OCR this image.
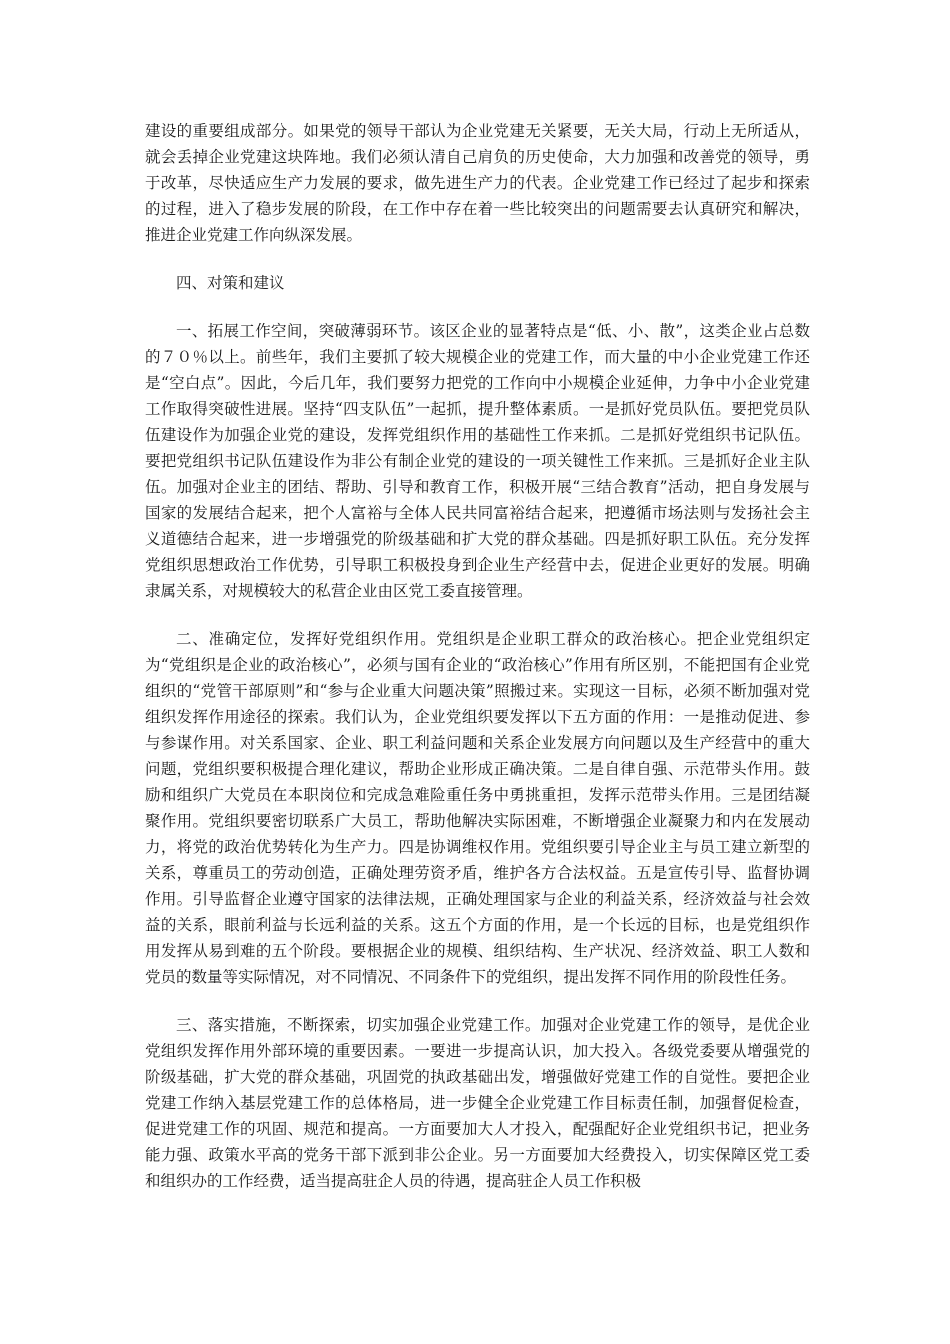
建设的重要组成部分。如果党的领导干部认为企业党建无关紧要，无关大局，行动上无所适从，就会丢掉企业党建这块阵地。我们必须认清自己肩负的历史使命，大力加强和改善党的领导，勇于改革，尽快适应生产力发展的要求，做先进生产力的代表。企业党建工作已经过了起步和探索的过程，进入了稳步发展的阶段，在工作中存在着一些比较突出的问题需要去认真研究和解决，推进企业党建工作向纵深发展。

四、对策和建议

一、拓展工作空间，突破薄弱环节。该区企业的显著特点是“低、小、散”，这类企业占总数的７０％以上。前些年，我们主要抓了较大规模企业的党建工作，而大量的中小企业党建工作还是“空白点”。因此，今后几年，我们要努力把党的工作向中小规模企业延伸，力争中小企业党建工作取得突破性进展。坚持“四支队伍”一起抓，提升整体素质。一是抓好党员队伍。要把党员队伍建设作为加强企业党的建设，发挥党组织作用的基础性工作来抓。二是抓好党组织书记队伍。要把党组织书记队伍建设作为非公有制企业党的建设的一项关键性工作来抓。三是抓好企业主队伍。加强对企业主的团结、帮助、引导和教育工作，积极开展“三结合教育”活动，把自身发展与国家的发展结合起来，把个人富裕与全体人民共同富裕结合起来，把遵循市场法则与发扬社会主义道德结合起来，进一步增强党的阶级基础和扩大党的群众基础。四是抓好职工队伍。充分发挥党组织思想政治工作优势，引导职工积极投身到企业生产经营中去，促进企业更好的发展。明确隶属关系，对规模较大的私营企业由区党工委直接管理。

二、准确定位，发挥好党组织作用。党组织是企业职工群众的政治核心。把企业党组织定为“党组织是企业的政治核心”，必须与国有企业的“政治核心”作用有所区别，不能把国有企业党组织的“党管干部原则”和“参与企业重大问题决策”照搬过来。实现这一目标，必须不断加强对党组织发挥作用途径的探索。我们认为，企业党组织要发挥以下五方面的作用：一是推动促进、参与参谋作用。对关系国家、企业、职工利益问题和关系企业发展方向问题以及生产经营中的重大问题，党组织要积极提合理化建议，帮助企业形成正确决策。二是自律自强、示范带头作用。鼓励和组织广大党员在本职岗位和完成急难险重任务中勇挑重担，发挥示范带头作用。三是团结凝聚作用。党组织要密切联系广大员工，帮助他解决实际困难，不断增强企业凝聚力和内在发展动力，将党的政治优势转化为生产力。四是协调维权作用。党组织要引导企业主与员工建立新型的关系，尊重员工的劳动创造，正确处理劳资矛盾，维护各方合法权益。五是宣传引导、监督协调作用。引导监督企业遵守国家的法律法规，正确处理国家与企业的利益关系，经济效益与社会效益的关系，眼前利益与长远利益的关系。这五个方面的作用，是一个长远的目标，也是党组织作用发挥从易到难的五个阶段。要根据企业的规模、组织结构、生产状况、经济效益、职工人数和党员的数量等实际情况，对不同情况、不同条件下的党组织，提出发挥不同作用的阶段性任务。

三、落实措施，不断探索，切实加强企业党建工作。加强对企业党建工作的领导，是优企业党组织发挥作用外部环境的重要因素。一要进一步提高认识，加大投入。各级党委要从增强党的阶级基础，扩大党的群众基础，巩固党的执政基础出发，增强做好党建工作的自觉性。要把企业党建工作纳入基层党建工作的总体格局，进一步健全企业党建工作目标责任制，加强督促检查，促进党建工作的巩固、规范和提高。一方面要加大人才投入，配强配好企业党组织书记，把业务能力强、政策水平高的党务干部下派到非公企业。另一方面要加大经费投入，切实保障区党工委和组织办的工作经费，适当提高驻企人员的待遇，提高驻企人员工作积极
